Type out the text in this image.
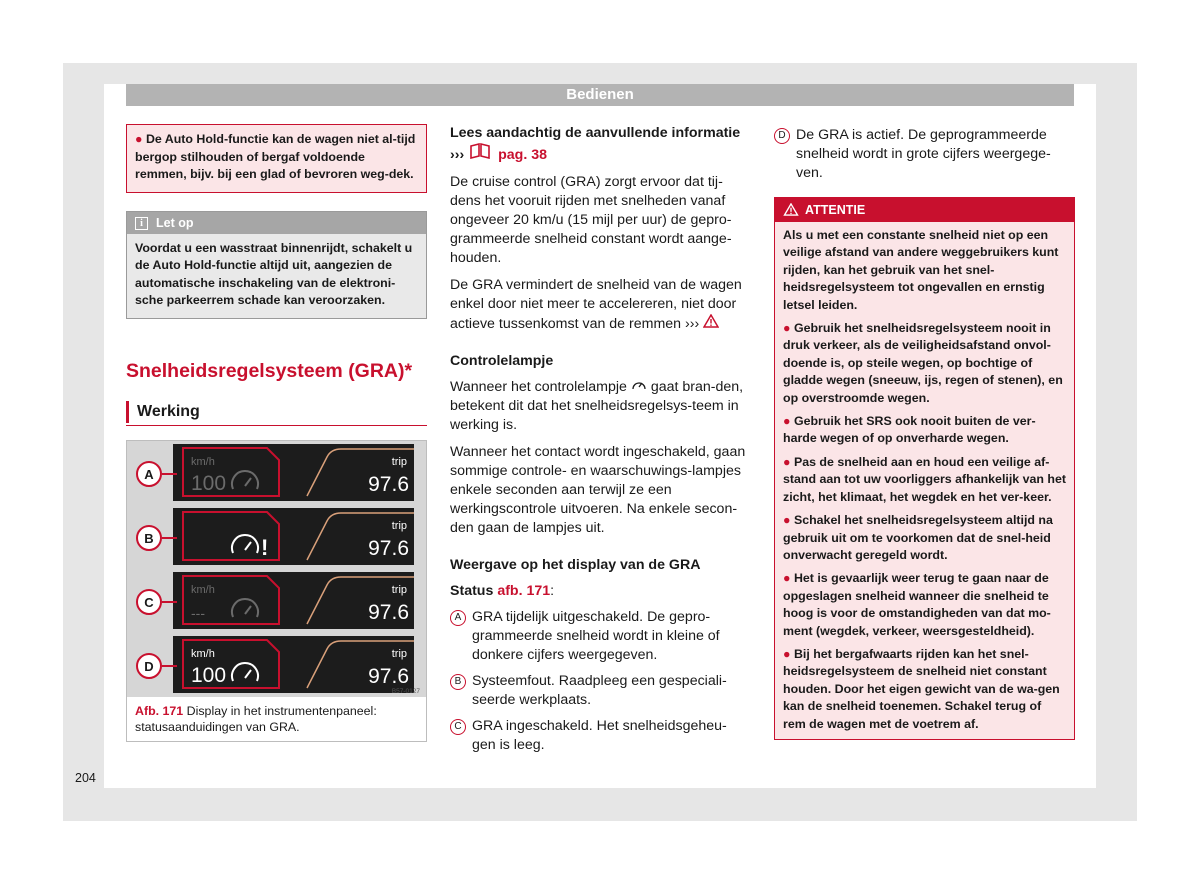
Bedienen

● De Auto Hold-functie kan de wagen niet al-tijd bergop stilhouden of bergaf voldoende remmen, bijv. bij een glad of bevroren weg-dek.

i Let op
Voordat u een wasstraat binnenrijdt, schakelt u de Auto Hold-functie altijd uit, aangezien de automatische inschakeling van de elektroni-sche parkeerrem schade kan veroorzaken.
Snelheidsregelsysteem (GRA)*
Werking
A
km/h
100
trip
97.6
B	!
trip
97.6
C
km/h
---
trip
97.6
D
km/h
100
trip
97.6
B57-0127
Afb. 171 Display in het instrumentenpaneel: statusaanduidingen van GRA.

Lees aandachtig de aanvullende informatie

››› pag. 38

De cruise control (GRA) zorgt ervoor dat tij-dens het vooruit rijden met snelheden vanaf ongeveer 20 km/u (15 mijl per uur) de gepro-grammeerde snelheid constant wordt aange-houden.

De GRA vermindert de snelheid van de wagen enkel door niet meer te accelereren, niet door actieve tussenkomst van de remmen ›››

Controlelampje

Wanneer het controlelampje gaat bran-den, betekent dit dat het snelheidsregelsys-teem in werking is.

Wanneer het contact wordt ingeschakeld, gaan sommige controle- en waarschuwings-lampjes enkele seconden aan terwijl ze een werkingscontrole uitvoeren. Na enkele secon-den gaan de lampjes uit.

Weergave op het display van de GRA

Status afb. 171:

A GRA tijdelijk uitgeschakeld. De gepro-grammeerde snelheid wordt in kleine of donkere cijfers weergegeven.
B Systeemfout. Raadpleeg een gespeciali-seerde werkplaats.
C GRA ingeschakeld. Het snelheidsgeheu-gen is leeg.
D De GRA is actief. De geprogrammeerde snelheid wordt in grote cijfers weergege-ven.
ATTENTIE

Als u met een constante snelheid niet op een veilige afstand van andere weggebruikers kunt rijden, kan het gebruik van het snel-heidsregelsysteem tot ongevallen en ernstig letsel leiden.

● Gebruik het snelheidsregelsysteem nooit in druk verkeer, als de veiligheidsafstand onvol-doende is, op steile wegen, op bochtige of gladde wegen (sneeuw, ijs, regen of stenen), en op overstroomde wegen.

● Gebruik het SRS ook nooit buiten de ver-harde wegen of op onverharde wegen.

● Pas de snelheid aan en houd een veilige af-stand aan tot uw voorliggers afhankelijk van het zicht, het klimaat, het wegdek en het ver-keer.

● Schakel het snelheidsregelsysteem altijd na gebruik uit om te voorkomen dat de snel-heid onverwacht geregeld wordt.

● Het is gevaarlijk weer terug te gaan naar de opgeslagen snelheid wanneer die snelheid te hoog is voor de omstandigheden van dat mo-ment (wegdek, verkeer, weersgesteldheid).

● Bij het bergafwaarts rijden kan het snel-heidsregelsysteem de snelheid niet constant houden. Door het eigen gewicht van de wa-gen kan de snelheid toenemen. Schakel terug of rem de wagen met de voetrem af.

204
